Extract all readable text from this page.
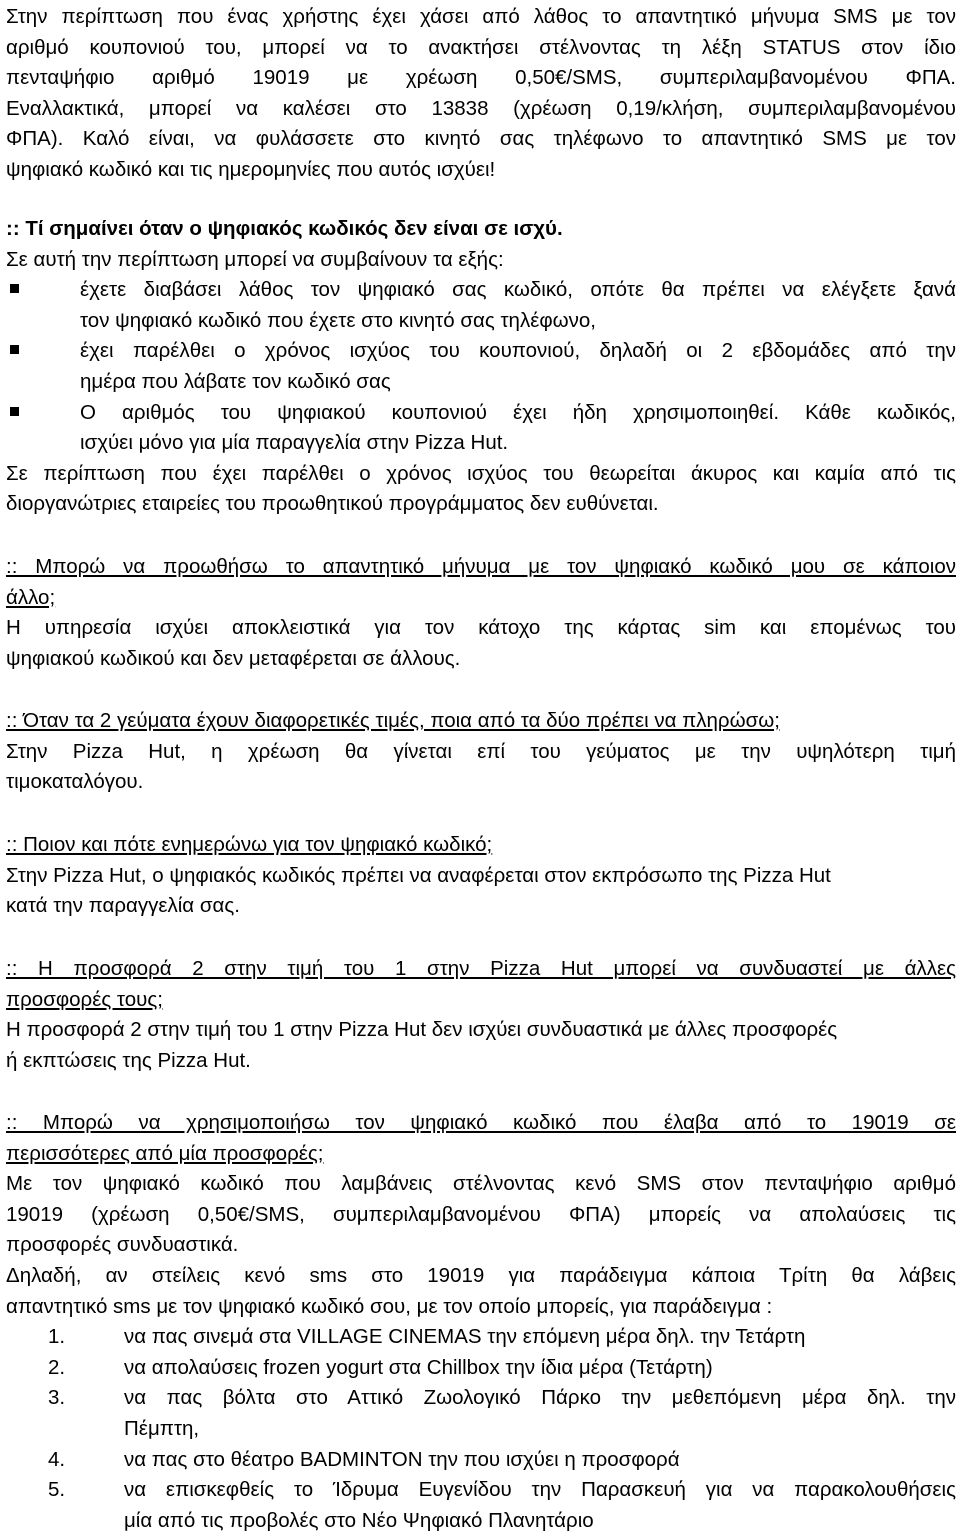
Στην περίπτωση που ένας χρήστης έχει χάσει από λάθος το απαντητικό μήνυμα SMS με τον
αριθμό κουπονιού του, μπορεί να το ανακτήσει στέλνοντας τη λέξη STATUS στον ίδιο
πενταψήφιο αριθμό 19019 με χρέωση 0,50€/SMS, συμπεριλαμβανομένου ΦΠΑ.
Εναλλακτικά, μπορεί να καλέσει στο 13838 (χρέωση 0,19/κλήση, συμπεριλαμβανομένου
ΦΠΑ). Καλό είναι, να φυλάσσετε στο κινητό σας τηλέφωνο το απαντητικό SMS με τον
ψηφιακό κωδικό και τις ημερομηνίες που αυτός ισχύει!
:: Τί σημαίνει όταν ο ψηφιακός κωδικός δεν είναι σε ισχύ.
Σε αυτή την περίπτωση μπορεί να συμβαίνουν τα εξής:
έχετε διαβάσει λάθος τον ψηφιακό σας κωδικό, οπότε θα πρέπει να ελέγξετε ξανά
τον ψηφιακό κωδικό που έχετε στο κινητό σας τηλέφωνο,
έχει παρέλθει ο χρόνος ισχύος του κουπονιού, δηλαδή οι 2 εβδομάδες από την
ημέρα που λάβατε τον κωδικό σας
Ο αριθμός του ψηφιακού κουπονιού έχει ήδη χρησιμοποιηθεί. Κάθε κωδικός,
ισχύει μόνο για μία παραγγελία στην Pizza Hut.
Σε περίπτωση που έχει παρέλθει ο χρόνος ισχύος του θεωρείται άκυρος και καμία από τις
διοργανώτριες εταιρείες του προωθητικού προγράμματος δεν ευθύνεται.
:: Μπορώ να προωθήσω το απαντητικό μήνυμα με τον ψηφιακό κωδικό μου σε κάποιον
άλλο;
Η υπηρεσία ισχύει αποκλειστικά για τον κάτοχο της κάρτας sim και επομένως του
ψηφιακού κωδικού και δεν μεταφέρεται σε άλλους.
:: Όταν τα 2 γεύματα έχουν διαφορετικές τιμές, ποια από τα δύο πρέπει να πληρώσω;
Στην Pizza Hut, η χρέωση θα γίνεται επί του γεύματος με την υψηλότερη τιμή
τιμοκαταλόγου.
:: Ποιον και πότε ενημερώνω για τον ψηφιακό κωδικό;
Στην Pizza Hut, ο ψηφιακός κωδικός πρέπει να αναφέρεται στον εκπρόσωπο της Pizza Hut
κατά την παραγγελία σας.
:: Η προσφορά 2 στην τιμή του 1 στην Pizza Hut μπορεί να συνδυαστεί με άλλες
προσφορές τους;
Η προσφορά 2 στην τιμή του 1 στην Pizza Hut δεν ισχύει συνδυαστικά με άλλες προσφορές
ή εκπτώσεις της Pizza Hut.
:: Μπορώ να χρησιμοποιήσω τον ψηφιακό κωδικό που έλαβα από το 19019 σε
περισσότερες από μία προσφορές;
Με τον ψηφιακό κωδικό που λαμβάνεις στέλνοντας κενό SMS στον πενταψήφιο αριθμό
19019 (χρέωση 0,50€/SMS, συμπεριλαμβανομένου ΦΠΑ) μπορείς να απολαύσεις τις
προσφορές συνδυαστικά.
Δηλαδή, αν στείλεις κενό sms στο 19019 για παράδειγμα κάποια Τρίτη θα λάβεις
απαντητικό sms με τον ψηφιακό κωδικό σου, με τον οποίο μπορείς, για παράδειγμα :
1.	να πας σινεμά στα VILLAGE CINEMAS την επόμενη μέρα δηλ. την Τετάρτη
2.	να απολαύσεις frozen yogurt στα Chillbox την ίδια μέρα (Τετάρτη)
3.	να πας βόλτα στο Αττικό Ζωολογικό Πάρκο την μεθεπόμενη μέρα δηλ. την
Πέμπτη,
4.	να πας στο θέατρο BADMINTON την που ισχύει η προσφορά
5.	να επισκεφθείς το Ίδρυμα Ευγενίδου την Παρασκευή για να παρακολουθήσεις
μία από τις προβολές στο Νέο Ψηφιακό Πλανητάριο
